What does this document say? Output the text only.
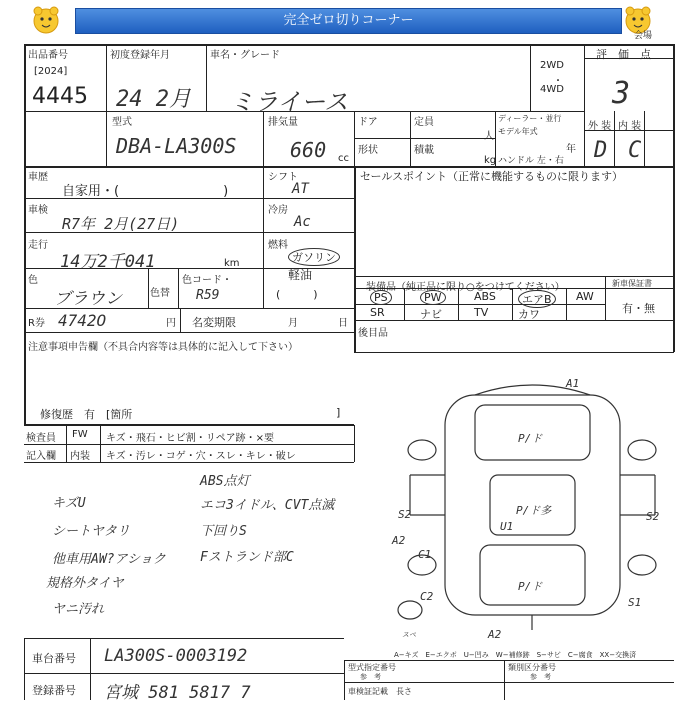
完全ゼロ切りコーナー
出品番号
[2024]
4445
初度登録年月
24 2月
車名・グレード
ミライース
2WD
・
4WD
評　価　点
3
会場
型式
DBA-LA300S
排気量
660 cc
ドア	定員
人
形状	積載
kg
ディーラー・並行
モデル年式
年
ハンドル 左・右
外 装 内 装
D C
車歴
自家用・(　　　　　　　　)
シフト
AT
車検
R7年 2月(27日)
冷房
Ac
走行
14万2千041	km
燃料
ガソリン
軽油
(　　　)
色
ブラウン	色替
色コード・
R59
セールスポイント（正常に機能するものに限ります）
R券 4742O	円 名変期限	月	日
注意事項申告欄（不具合内容等は具体的に記入して下さい）
修復歴　有　[箇所	]
装備品（純正品に限り○をつけてください）	新車保証書
有・無
後目品
PS	PW	ABS	エアB	AW
SR	ナビ	TV	カワ
検査員 FW キズ・飛石・ヒビ割・リペア跡・×要
記入欄 内装 キズ・汚レ・コゲ・穴・スレ・キレ・破レ
キズU
シートヤタリ
他車用AW?アショク
規格外タイヤ
ヤニ汚れ
ABS点灯
エコ3イドル、CVT点滅
下回りS
Fストランド部C
A1
P/ド
U1
P/ド多
P/ド
S2	S2
A2
C1
C2	S1
A2
スペ
A−キズ　E−エクボ　U−凹み　W−補修跡　S−サビ　C−腐食　XX−交換済
車台番号 LA300S-0003192
登録番号 宮城 581 5817 7
型式指定番号	類別区分番号
参　考	参　考
車検証記載 長さ
